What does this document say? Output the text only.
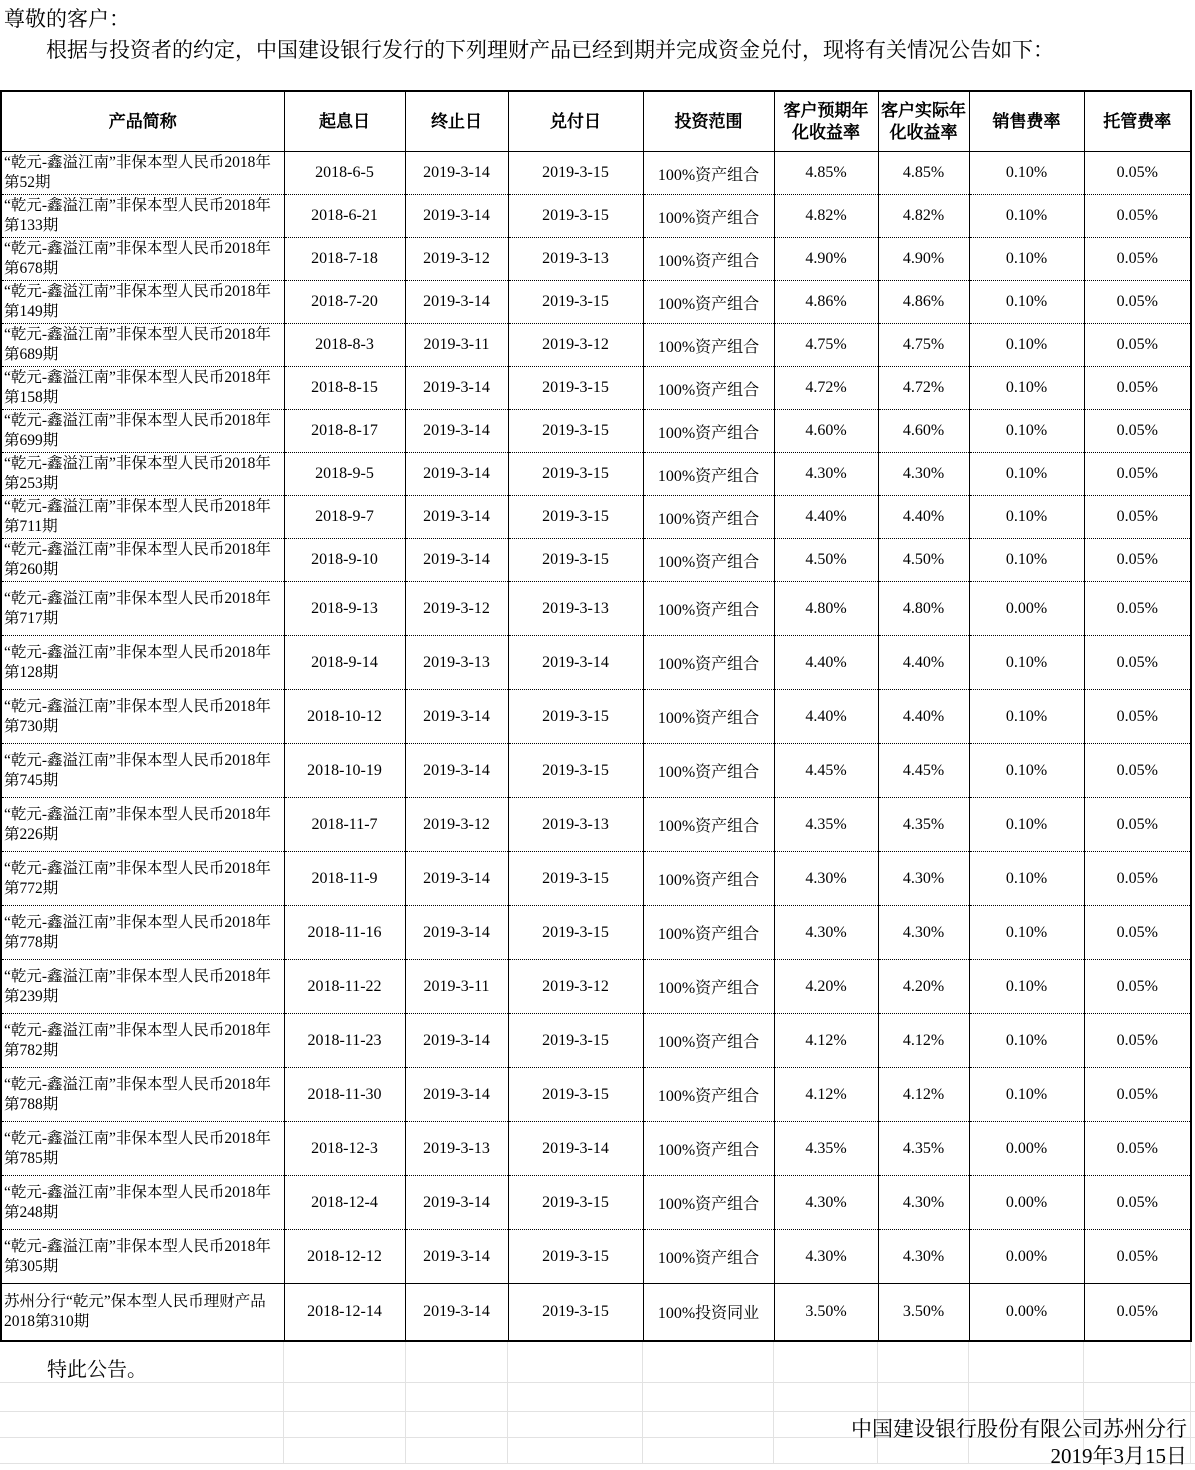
尊敬的客户：
根据与投资者的约定，中国建设银行发行的下列理财产品已经到期并完成资金兑付，现将有关情况公告如下：
产品简称	起息日	终止日	兑付日	投资范围	客户预期年化收益率	客户实际年化收益率	销售费率	托管费率
“乾元-鑫溢江南”非保本型人民币2018年第52期	2018-6-5	2019-3-14	2019-3-15	100%资产组合	4.85%	4.85%	0.10%	0.05%
“乾元-鑫溢江南”非保本型人民币2018年第133期	2018-6-21	2019-3-14	2019-3-15	100%资产组合	4.82%	4.82%	0.10%	0.05%
“乾元-鑫溢江南”非保本型人民币2018年第678期	2018-7-18	2019-3-12	2019-3-13	100%资产组合	4.90%	4.90%	0.10%	0.05%
“乾元-鑫溢江南”非保本型人民币2018年第149期	2018-7-20	2019-3-14	2019-3-15	100%资产组合	4.86%	4.86%	0.10%	0.05%
“乾元-鑫溢江南”非保本型人民币2018年第689期	2018-8-3	2019-3-11	2019-3-12	100%资产组合	4.75%	4.75%	0.10%	0.05%
“乾元-鑫溢江南”非保本型人民币2018年第158期	2018-8-15	2019-3-14	2019-3-15	100%资产组合	4.72%	4.72%	0.10%	0.05%
“乾元-鑫溢江南”非保本型人民币2018年第699期	2018-8-17	2019-3-14	2019-3-15	100%资产组合	4.60%	4.60%	0.10%	0.05%
“乾元-鑫溢江南”非保本型人民币2018年第253期	2018-9-5	2019-3-14	2019-3-15	100%资产组合	4.30%	4.30%	0.10%	0.05%
“乾元-鑫溢江南”非保本型人民币2018年第711期	2018-9-7	2019-3-14	2019-3-15	100%资产组合	4.40%	4.40%	0.10%	0.05%
“乾元-鑫溢江南”非保本型人民币2018年第260期	2018-9-10	2019-3-14	2019-3-15	100%资产组合	4.50%	4.50%	0.10%	0.05%
“乾元-鑫溢江南”非保本型人民币2018年第717期	2018-9-13	2019-3-12	2019-3-13	100%资产组合	4.80%	4.80%	0.00%	0.05%
“乾元-鑫溢江南”非保本型人民币2018年第128期	2018-9-14	2019-3-13	2019-3-14	100%资产组合	4.40%	4.40%	0.10%	0.05%
“乾元-鑫溢江南”非保本型人民币2018年第730期	2018-10-12	2019-3-14	2019-3-15	100%资产组合	4.40%	4.40%	0.10%	0.05%
“乾元-鑫溢江南”非保本型人民币2018年第745期	2018-10-19	2019-3-14	2019-3-15	100%资产组合	4.45%	4.45%	0.10%	0.05%
“乾元-鑫溢江南”非保本型人民币2018年第226期	2018-11-7	2019-3-12	2019-3-13	100%资产组合	4.35%	4.35%	0.10%	0.05%
“乾元-鑫溢江南”非保本型人民币2018年第772期	2018-11-9	2019-3-14	2019-3-15	100%资产组合	4.30%	4.30%	0.10%	0.05%
“乾元-鑫溢江南”非保本型人民币2018年第778期	2018-11-16	2019-3-14	2019-3-15	100%资产组合	4.30%	4.30%	0.10%	0.05%
“乾元-鑫溢江南”非保本型人民币2018年第239期	2018-11-22	2019-3-11	2019-3-12	100%资产组合	4.20%	4.20%	0.10%	0.05%
“乾元-鑫溢江南”非保本型人民币2018年第782期	2018-11-23	2019-3-14	2019-3-15	100%资产组合	4.12%	4.12%	0.10%	0.05%
“乾元-鑫溢江南”非保本型人民币2018年第788期	2018-11-30	2019-3-14	2019-3-15	100%资产组合	4.12%	4.12%	0.10%	0.05%
“乾元-鑫溢江南”非保本型人民币2018年第785期	2018-12-3	2019-3-13	2019-3-14	100%资产组合	4.35%	4.35%	0.00%	0.05%
“乾元-鑫溢江南”非保本型人民币2018年第248期	2018-12-4	2019-3-14	2019-3-15	100%资产组合	4.30%	4.30%	0.00%	0.05%
“乾元-鑫溢江南”非保本型人民币2018年第305期	2018-12-12	2019-3-14	2019-3-15	100%资产组合	4.30%	4.30%	0.00%	0.05%
苏州分行“乾元”保本型人民币理财产品2018第310期	2018-12-14	2019-3-14	2019-3-15	100%投资同业	3.50%	3.50%	0.00%	0.05%
特此公告。
中国建设银行股份有限公司苏州分行
2019年3月15日
